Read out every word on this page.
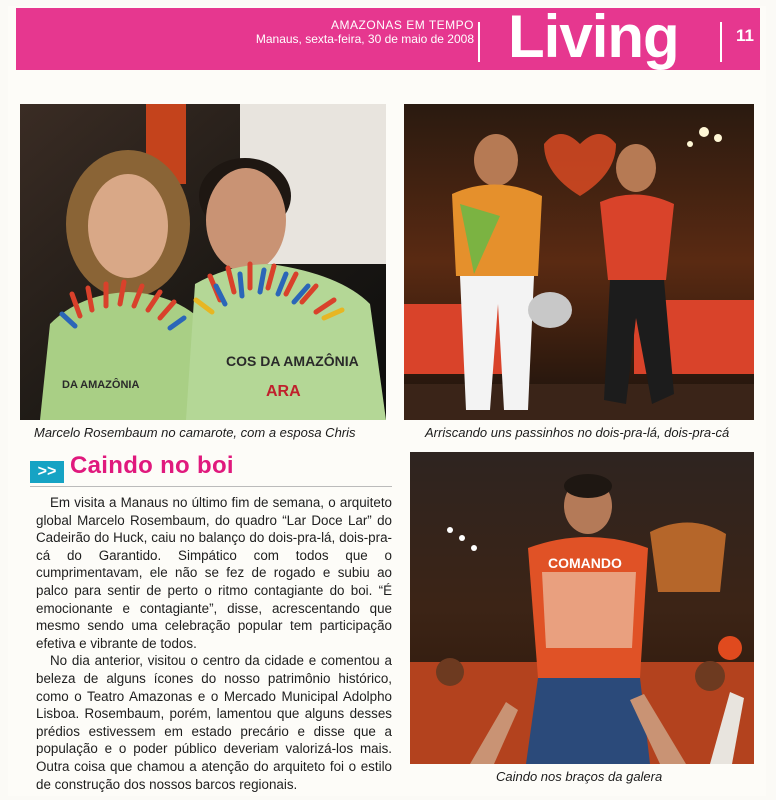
AMAZONAS EM TEMPO
Manaus, sexta-feira, 30 de maio de 2008 Living	11
COS DA AMAZÔNIA
ARA
DA AMAZÔNIA
Marcelo Rosembaum no camarote, com a esposa Chris	Arriscando uns passinhos no dois-pra-lá, dois-pra-cá
>> Caindo no boi

Em visita a Manaus no último fim de semana, o arquiteto global Marcelo Rosembaum, do quadro “Lar Doce Lar” do Cadeirão do Huck, caiu no balanço do dois-pra-lá, dois-pra-cá do Garantido. Simpático com todos que o cumprimentavam, ele não se fez de rogado e subiu ao palco para sentir de perto o ritmo contagiante do boi. “É emocionante e contagiante”, disse, acrescentando que mesmo sendo uma celebração popular tem participação efetiva e vibrante de todos.

No dia anterior, visitou o centro da cidade e comentou a beleza de alguns ícones do nosso patrimônio histórico, como o Teatro Amazonas e o Mercado Municipal Adolpho Lisboa. Rosembaum, porém, lamentou que alguns desses prédios estivessem em estado precário e disse que a população e o poder público deveriam valorizá-los mais. Outra coisa que chamou a atenção do arquiteto foi o estilo de construção dos nossos barcos regionais.

COMANDO
Caindo nos braços da galera
